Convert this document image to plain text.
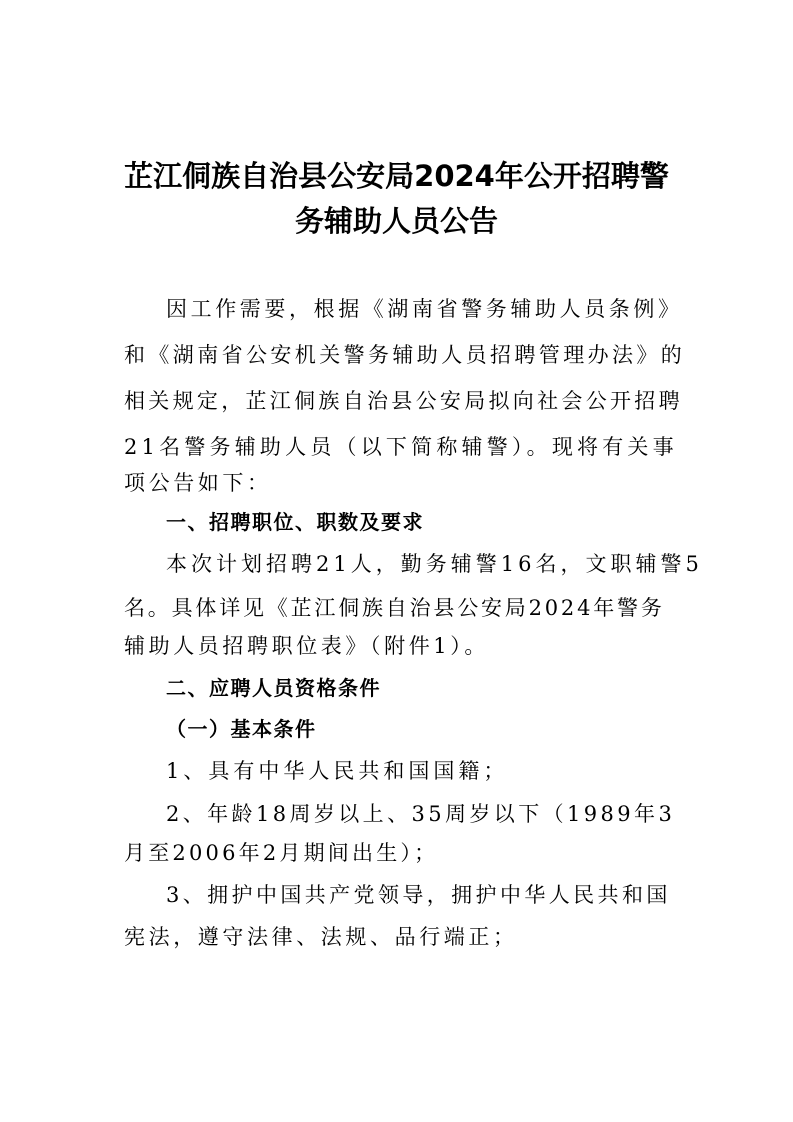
芷江侗族自治县公安局2024年公开招聘警
务辅助人员公告
因工作需要，根据《湖南省警务辅助人员条例》
和《湖南省公安机关警务辅助人员招聘管理办法》的
相关规定，芷江侗族自治县公安局拟向社会公开招聘
21名警务辅助人员（以下简称辅警）。现将有关事
项公告如下：
一、招聘职位、职数及要求
本次计划招聘21人，勤务辅警16名，文职辅警5
名。具体详见《芷江侗族自治县公安局2024年警务
辅助人员招聘职位表》（附件1）。
二、应聘人员资格条件
（一）基本条件
1、具有中华人民共和国国籍；
2、年龄18周岁以上、35周岁以下（1989年3
月至2006年2月期间出生）；
3、拥护中国共产党领导，拥护中华人民共和国
宪法，遵守法律、法规、品行端正；
